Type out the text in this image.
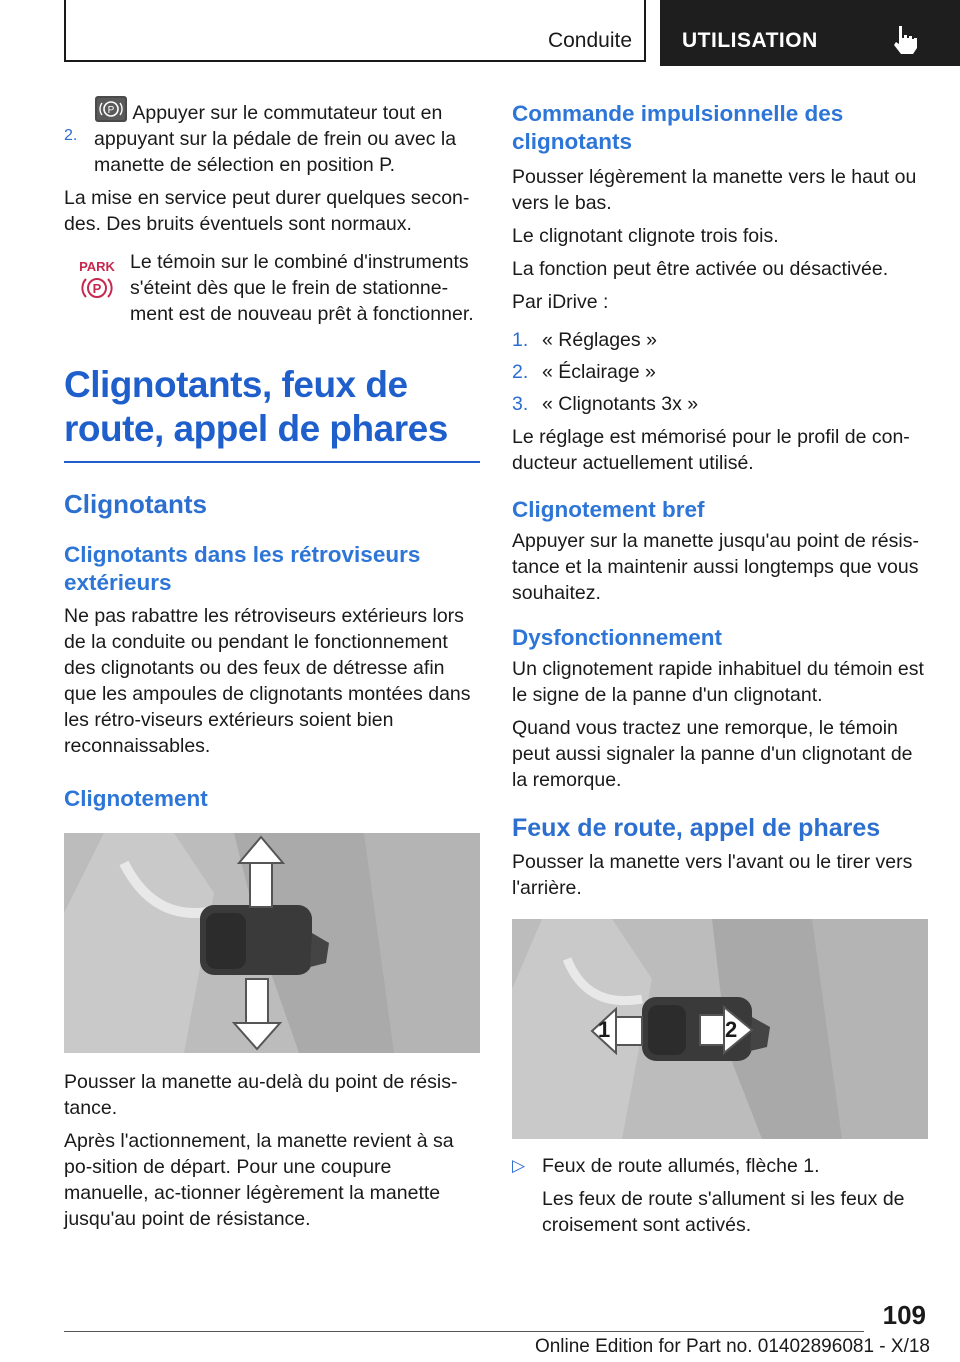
Conduite UTILISATION
2.

P Appuyer sur le commutateur tout en appuyant sur la pédale de frein ou avec la manette de sélection en position P.

La mise en service peut durer quelques secon-des. Des bruits éventuels sont normaux.

PARK
P

Le témoin sur le combiné d'instruments s'éteint dès que le frein de stationne-ment est de nouveau prêt à fonctionner.

Clignotants, feux de route, appel de phares

Clignotants

Clignotants dans les rétroviseurs extérieurs

Ne pas rabattre les rétroviseurs extérieurs lors de la conduite ou pendant le fonctionnement des clignotants ou des feux de détresse afin que les ampoules de clignotants montées dans les rétro-viseurs extérieurs soient bien reconnaissables.

Clignotement

Pousser la manette au-delà du point de résis-tance.

Après l'actionnement, la manette revient à sa po-sition de départ. Pour une coupure manuelle, ac-tionner légèrement la manette jusqu'au point de résistance.

Commande impulsionnelle des clignotants

Pousser légèrement la manette vers le haut ou vers le bas.

Le clignotant clignote trois fois.

La fonction peut être activée ou désactivée.

Par iDrive :

1. « Réglages »
2. « Éclairage »
3. « Clignotants 3x »

Le réglage est mémorisé pour le profil de con-ducteur actuellement utilisé.

Clignotement bref

Appuyer sur la manette jusqu'au point de résis-tance et la maintenir aussi longtemps que vous souhaitez.

Dysfonctionnement

Un clignotement rapide inhabituel du témoin est le signe de la panne d'un clignotant.

Quand vous tractez une remorque, le témoin peut aussi signaler la panne d'un clignotant de la remorque.

Feux de route, appel de phares

Pousser la manette vers l'avant ou le tirer vers l'arrière.

1	2
▷ Feux de route allumés, flèche 1.

Les feux de route s'allument si les feux de croisement sont activés.

109
Online Edition for Part no. 01402896081 - X/18
